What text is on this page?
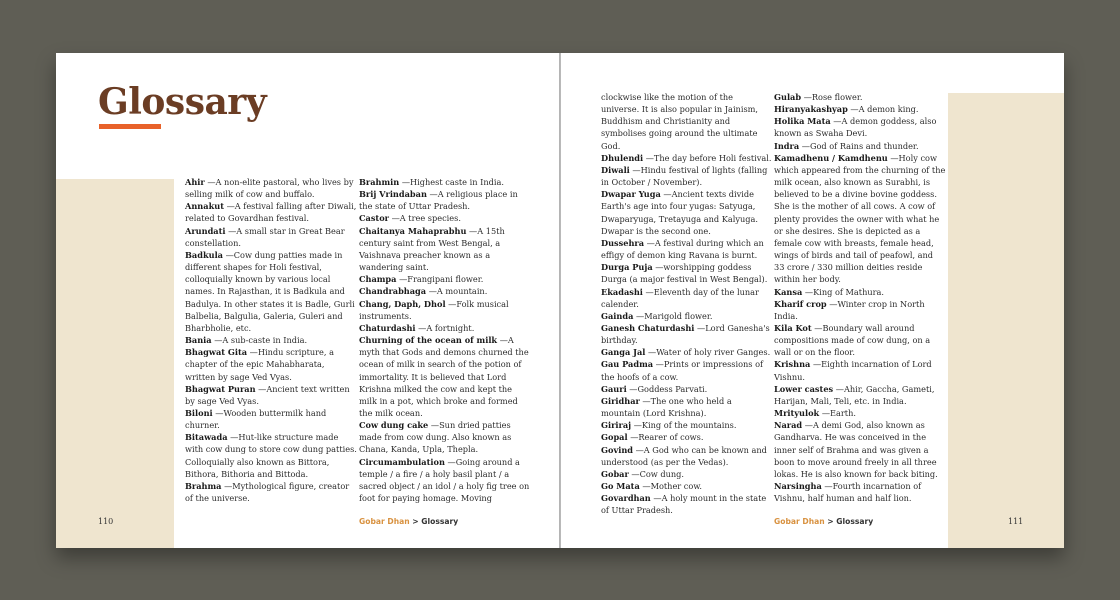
Glossary

Ahir — A non-elite pastoral, who lives by selling milk of cow and buffalo.

Annakut — A festival falling after Diwali, related to Govardhan festival.

Arundati — A small star in Great Bear constellation.

Badkula — Cow dung patties made in different shapes for Holi festival, colloquially known by various local names. In Rajasthan, it is Badkula and Badulya. In other states it is Badle, Gurli Balbelia, Balgulia, Galeria, Guleri and Bharbholie, etc.

Bania — A sub-caste in India.

Bhagwat Gita — Hindu scripture, a chapter of the epic Mahabharata, written by sage Ved Vyas.

Bhagwat Puran — Ancient text written by sage Ved Vyas.

Biloni — Wooden buttermilk hand churner.

Bitawada — Hut-like structure made with cow dung to store cow dung patties. Colloquially also known as Bittora, Bithora, Bithoria and Bittoda.

Brahma — Mythological figure, creator of the universe.

Brahmin — Highest caste in India.

Brij Vrindaban — A religious place in the state of Uttar Pradesh.

Castor — A tree species.

Chaitanya Mahaprabhu — A 15th century saint from West Bengal, a Vaishnava preacher known as a wandering saint.

Champa — Frangipani flower.

Chandrabhaga — A mountain.

Chang, Daph, Dhol — Folk musical instruments.

Chaturdashi — A fortnight.

Churning of the ocean of milk — A myth that Gods and demons churned the ocean of milk in search of the potion of immortality. It is believed that Lord Krishna milked the cow and kept the milk in a pot, which broke and formed the milk ocean.

Cow dung cake — Sun dried patties made from cow dung. Also known as Chana, Kanda, Upla, Thepla.

Circumambulation — Going around a temple / a fire / a holy basil plant / a sacred object / an idol / a holy fig tree on foot for paying homage. Moving

110	Gobar Dhan > Glossary

clockwise like the motion of the universe. It is also popular in Jainism, Buddhism and Christianity and symbolises going around the ultimate God.

Dhulendi — The day before Holi festival.

Diwali — Hindu festival of lights (falling in October / November).

Dwapar Yuga — Ancient texts divide Earth's age into four yugas: Satyuga, Dwaparyuga, Tretayuga and Kalyuga. Dwapar is the second one.

Dussehra — A festival during which an effigy of demon king Ravana is burnt.

Durga Puja — worshipping goddess Durga (a major festival in West Bengal).

Ekadashi — Eleventh day of the lunar calender.

Gainda — Marigold flower.

Ganesh Chaturdashi — Lord Ganesha's birthday.

Ganga Jal — Water of holy river Ganges.

Gau Padma — Prints or impressions of the hoofs of a cow.

Gauri — Goddess Parvati.

Giridhar — The one who held a mountain (Lord Krishna).

Giriraj — King of the mountains.

Gopal — Rearer of cows.

Govind — A God who can be known and understood (as per the Vedas).

Gobar — Cow dung.

Go Mata — Mother cow.

Govardhan — A holy mount in the state of Uttar Pradesh.

Gulab — Rose flower.

Hiranyakashyap — A demon king.

Holika Mata — A demon goddess, also known as Swaha Devi.

Indra — God of Rains and thunder.

Kamadhenu / Kamdhenu — Holy cow which appeared from the churning of the milk ocean, also known as Surabhi, is believed to be a divine bovine goddess. She is the mother of all cows. A cow of plenty provides the owner with what he or she desires. She is depicted as a female cow with breasts, female head, wings of birds and tail of peafowl, and 33 crore / 330 million deities reside within her body.

Kansa — King of Mathura.

Kharif crop — Winter crop in North India.

Kila Kot — Boundary wall around compositions made of cow dung, on a wall or on the floor.

Krishna — Eighth incarnation of Lord Vishnu.

Lower castes — Ahir, Gaccha, Gameti, Harijan, Mali, Teli, etc. in India.

Mrityulok — Earth.

Narad — A demi God, also known as Gandharva. He was conceived in the inner self of Brahma and was given a boon to move around freely in all three lokas. He is also known for back biting.

Narsingha — Fourth incarnation of Vishnu, half human and half lion.

Gobar Dhan > Glossary	111
